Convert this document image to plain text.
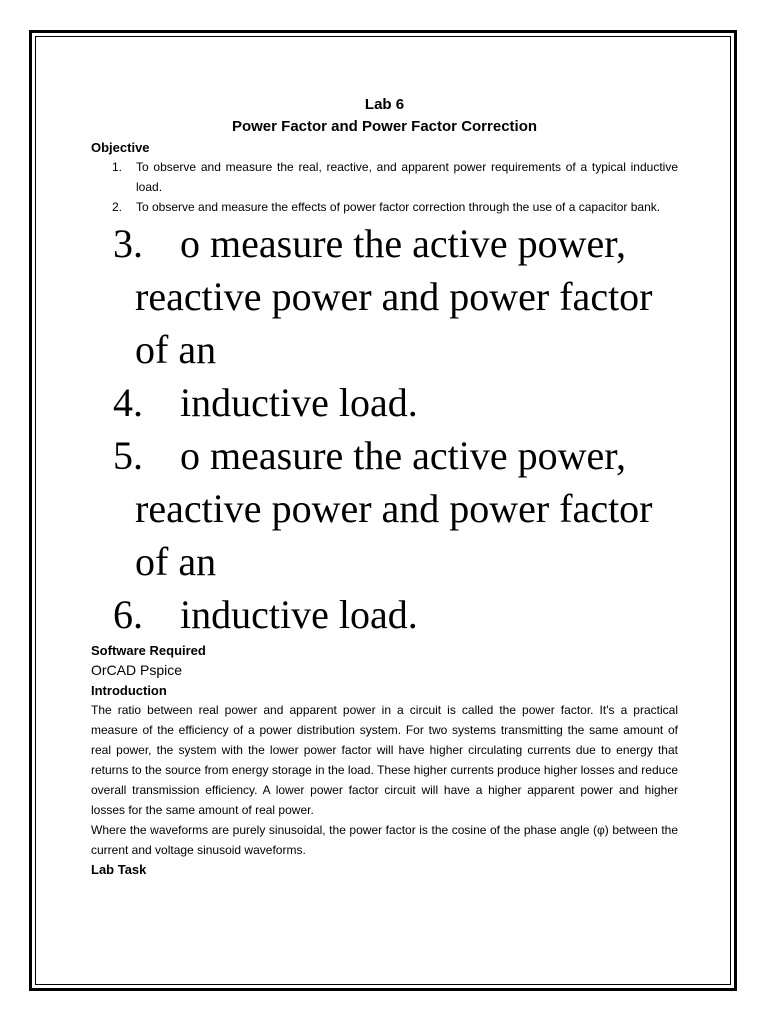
Lab 6

Power Factor and Power Factor Correction

Objective

1. To observe and measure the real, reactive, and apparent power requirements of a typical inductive load.
2. To observe and measure the effects of power factor correction through the use of a capacitor bank.
3. o measure the active power, reactive power and power factor of an
4. inductive load.
5. o measure the active power, reactive power and power factor of an
6. inductive load.

Software Required

OrCAD Pspice

Introduction

The ratio between real power and apparent power in a circuit is called the power factor. It's a practical measure of the efficiency of a power distribution system. For two systems transmitting the same amount of real power, the system with the lower power factor will have higher circulating currents due to energy that returns to the source from energy storage in the load. These higher currents produce higher losses and reduce overall transmission efficiency. A lower power factor circuit will have a higher apparent power and higher losses for the same amount of real power.

Where the waveforms are purely sinusoidal, the power factor is the cosine of the phase angle (φ) between the current and voltage sinusoid waveforms.

Lab Task
